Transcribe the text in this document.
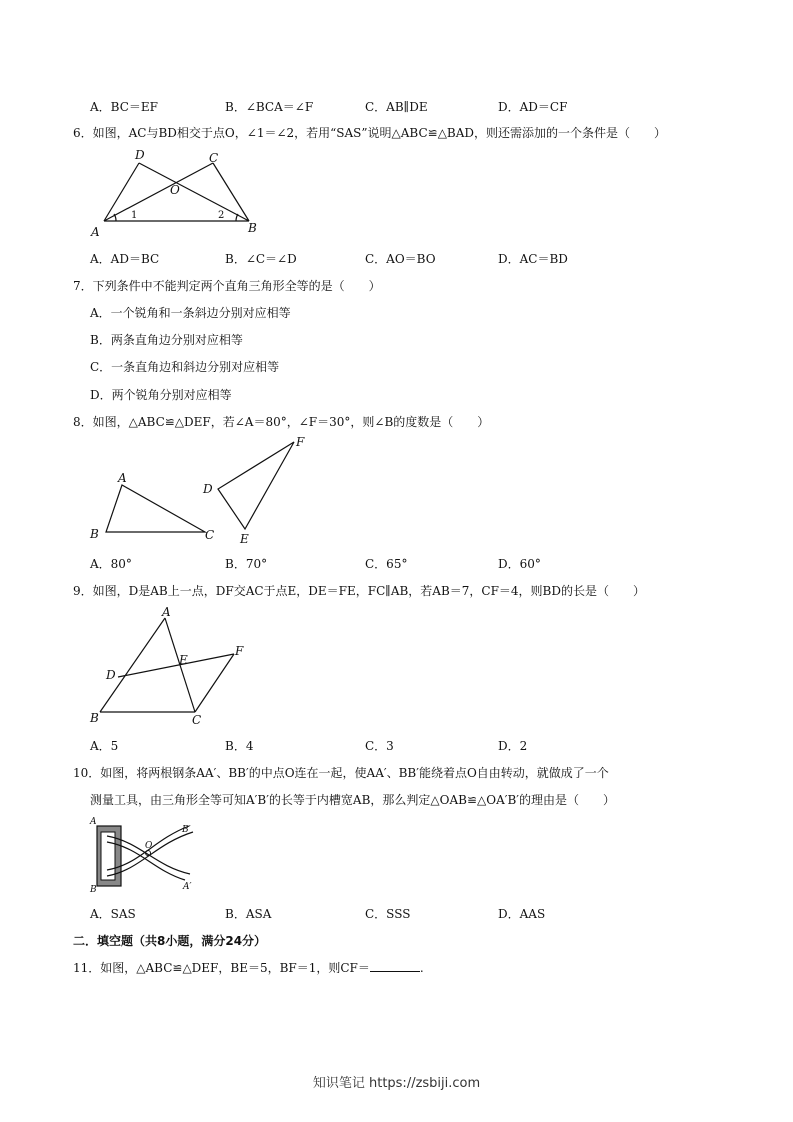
A．BC＝EF	B．∠BCA＝∠F	C．AB∥DE	D．AD＝CF
6．如图，AC与BD相交于点O，∠1＝∠2，若用“SAS”说明△ABC≌△BAD，则还需添加的一个条件是（　　）
D	C
O
A	B
1	2
A．AD＝BC	B．∠C＝∠D	C．AO＝BO	D．AC＝BD
7．下列条件中不能判定两个直角三角形全等的是（　　）
A．一个锐角和一条斜边分别对应相等
B．两条直角边分别对应相等
C．一条直角边和斜边分别对应相等
D．两个锐角分别对应相等
8．如图，△ABC≌△DEF，若∠A＝80°，∠F＝30°，则∠B的度数是（　　）
A
B	C
F
D
E
A．80°	B．70°	C．65°	D．60°
9．如图，D是AB上一点，DF交AC于点E，DE＝FE，FC∥AB，若AB＝7，CF＝4，则BD的长是（　　）
A
E
F
D
B	C
A．5	B．4	C．3	D．2
10．如图，将两根钢条AA′、BB′的中点O连在一起，使AA′、BB′能绕着点O自由转动，就做成了一个
测量工具，由三角形全等可知A′B′的长等于内槽宽AB，那么判定△OAB≌△OA′B′的理由是（　　）
A
B
O
B′
A′
A．SAS	B．ASA	C．SSS	D．AAS
二．填空题（共8小题，满分24分）
11．如图，△ABC≌△DEF，BE＝5，BF＝1，则CF＝	.
知识笔记 https://zsbiji.com
